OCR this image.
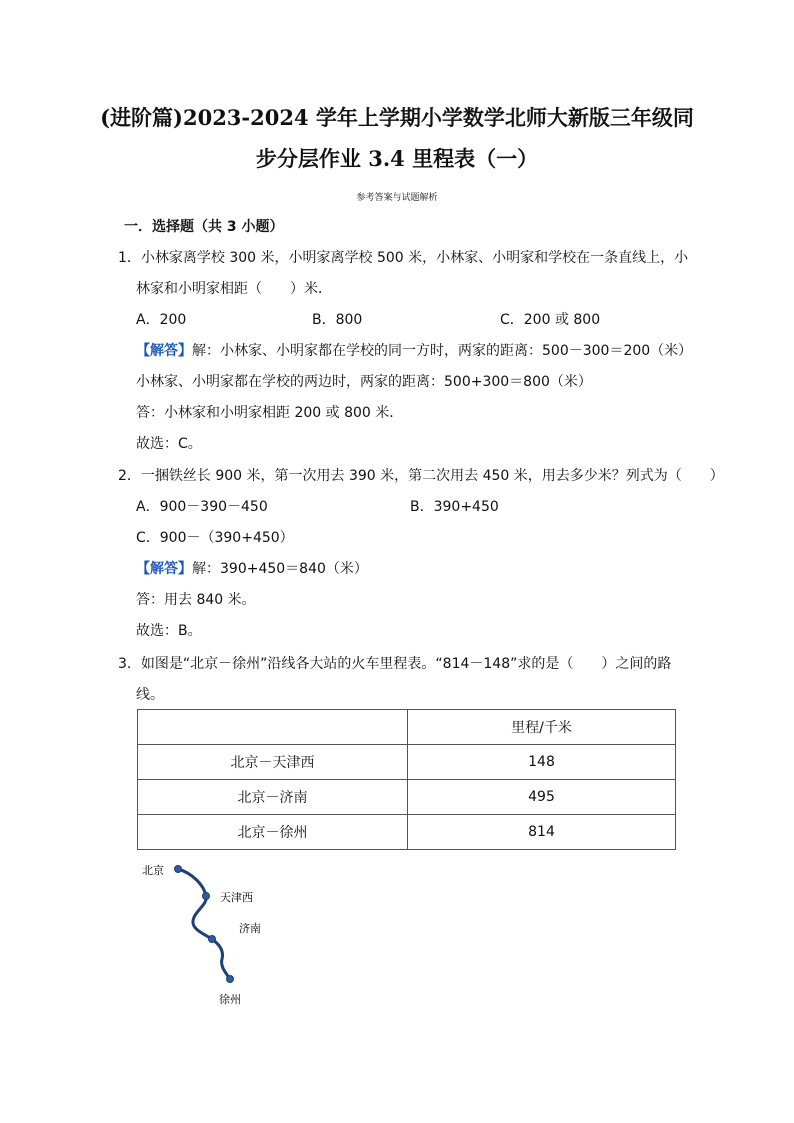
(进阶篇)2023-2024 学年上学期小学数学北师大新版三年级同
步分层作业 3.4 里程表（一）
参考答案与试题解析
一．选择题（共 3 小题）
1．小林家离学校 300 米，小明家离学校 500 米，小林家、小明家和学校在一条直线上，小
林家和小明家相距（　　）米．
A．200	B．800	C．200 或 800
【解答】解：小林家、小明家都在学校的同一方时，两家的距离：500－300＝200（米）
小林家、小明家都在学校的两边时，两家的距离：500+300＝800（米）
答：小林家和小明家相距 200 或 800 米．
故选：C。
2．一捆铁丝长 900 米，第一次用去 390 米，第二次用去 450 米，用去多少米？列式为（　　）
A．900－390－450	B．390+450
C．900－（390+450）
【解答】解：390+450＝840（米）
答：用去 840 米。
故选：B。
3．如图是“北京－徐州”沿线各大站的火车里程表。“814－148”求的是（　　）之间的路
线。
	里程/千米
北京－天津西	148
北京－济南	495
北京－徐州	814
北京
天津西
济南
徐州
